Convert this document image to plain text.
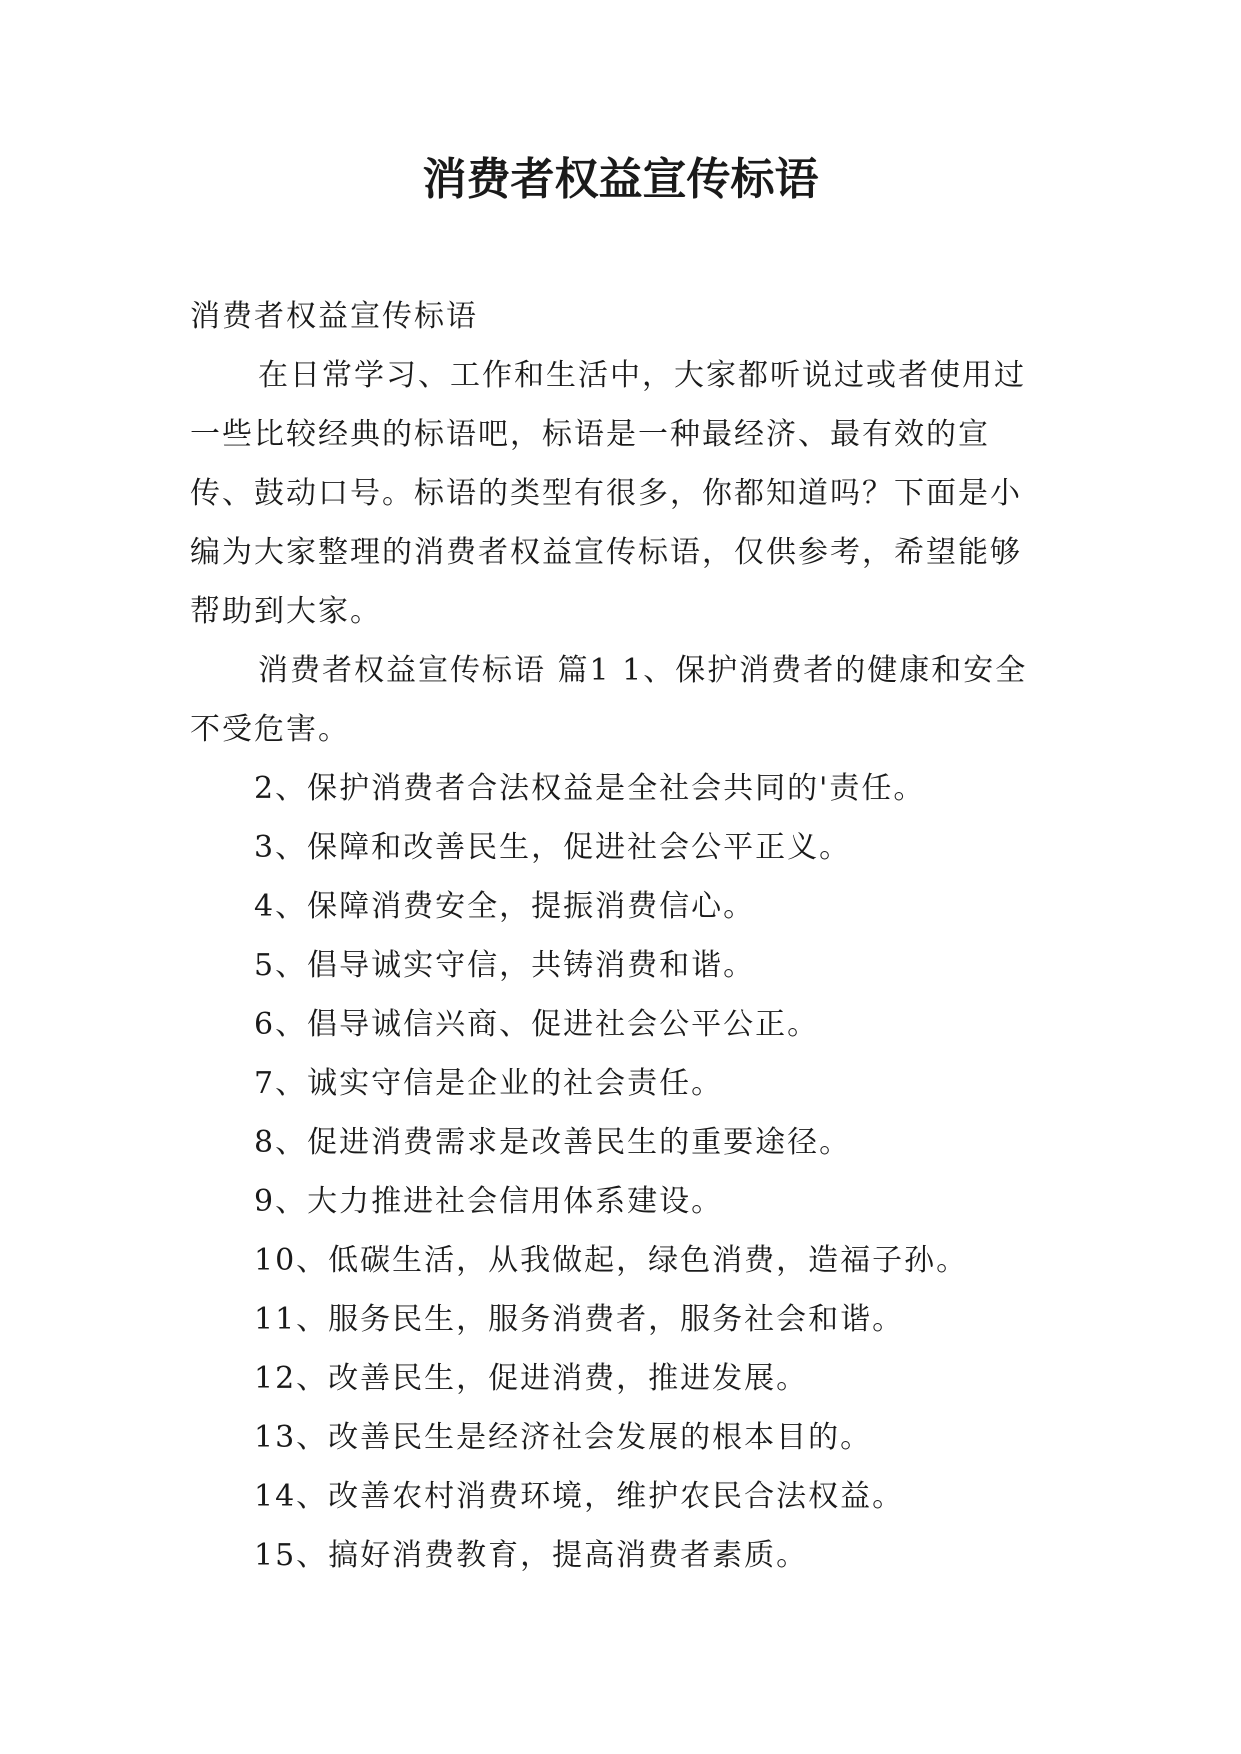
消费者权益宣传标语

消费者权益宣传标语

在日常学习、工作和生活中，大家都听说过或者使用过一些比较经典的标语吧，标语是一种最经济、最有效的宣传、鼓动口号。标语的类型有很多，你都知道吗？下面是小编为大家整理的消费者权益宣传标语，仅供参考，希望能够帮助到大家。

消费者权益宣传标语 篇1 1、保护消费者的健康和安全不受危害。

2、保护消费者合法权益是全社会共同的'责任。

3、保障和改善民生，促进社会公平正义。

4、保障消费安全，提振消费信心。

5、倡导诚实守信，共铸消费和谐。

6、倡导诚信兴商、促进社会公平公正。

7、诚实守信是企业的社会责任。

8、促进消费需求是改善民生的重要途径。

9、大力推进社会信用体系建设。

10、低碳生活，从我做起，绿色消费，造福子孙。

11、服务民生，服务消费者，服务社会和谐。

12、改善民生，促进消费，推进发展。

13、改善民生是经济社会发展的根本目的。

14、改善农村消费环境，维护农民合法权益。

15、搞好消费教育，提高消费者素质。
